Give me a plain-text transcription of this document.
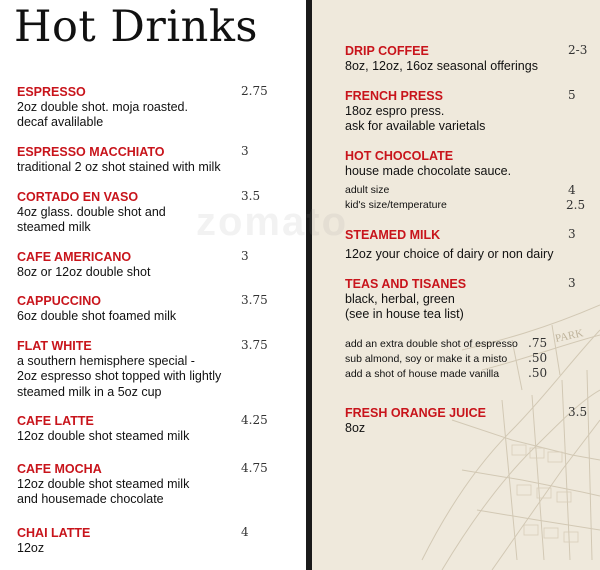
Hot Drinks
ESPRESSO
2oz double shot. moja roasted.
decaf avalilable
2.75
ESPRESSO MACCHIATO
traditional 2 oz shot stained with milk
3
CORTADO EN VASO
4oz glass. double shot and
steamed milk
3.5
CAFE AMERICANO
8oz or 12oz double shot
3
CAPPUCCINO
6oz double shot foamed milk
3.75
FLAT WHITE
a southern hemisphere special -
2oz espresso shot topped with lightly
steamed milk in a 5oz cup
3.75
CAFE LATTE
12oz double shot steamed milk
4.25
CAFE MOCHA
12oz double shot steamed milk
and housemade chocolate
4.75
CHAI LATTE
12oz
4
PARK
DRIP COFFEE
8oz, 12oz, 16oz seasonal offerings
2-3
FRENCH PRESS
18oz espro press.
ask for available varietals
5
HOT CHOCOLATE
house made chocolate sauce.
adult size	4
kid's size/temperature	2.5
STEAMED MILK
12oz your choice of dairy or non dairy
3
TEAS AND TISANES
black, herbal, green
(see in house tea list)
3
add an extra double shot of espresso .75
sub almond, soy or make it a misto .50
add a shot of house made vanilla .50
FRESH ORANGE JUICE
8oz
3.5
zomato
